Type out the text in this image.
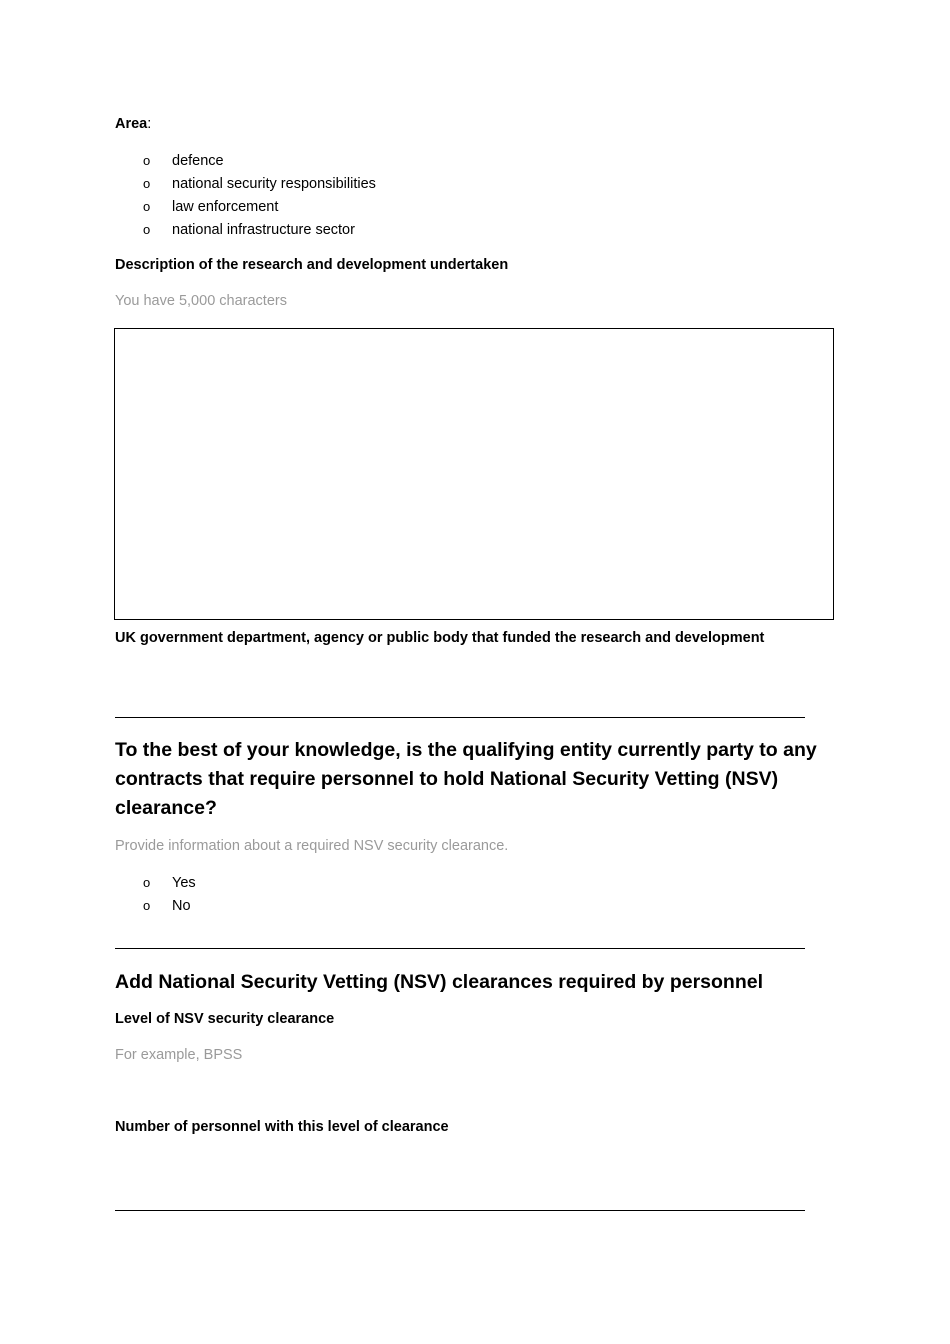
Area:
o defence
o national security responsibilities
o law enforcement
o national infrastructure sector
Description of the research and development undertaken
You have 5,000 characters
UK government department, agency or public body that funded the research and development
To the best of your knowledge, is the qualifying entity currently party to any
contracts that require personnel to hold National Security Vetting (NSV)
clearance?
Provide information about a required NSV security clearance.
o Yes
o No
Add National Security Vetting (NSV) clearances required by personnel
Level of NSV security clearance
For example, BPSS
Number of personnel with this level of clearance
